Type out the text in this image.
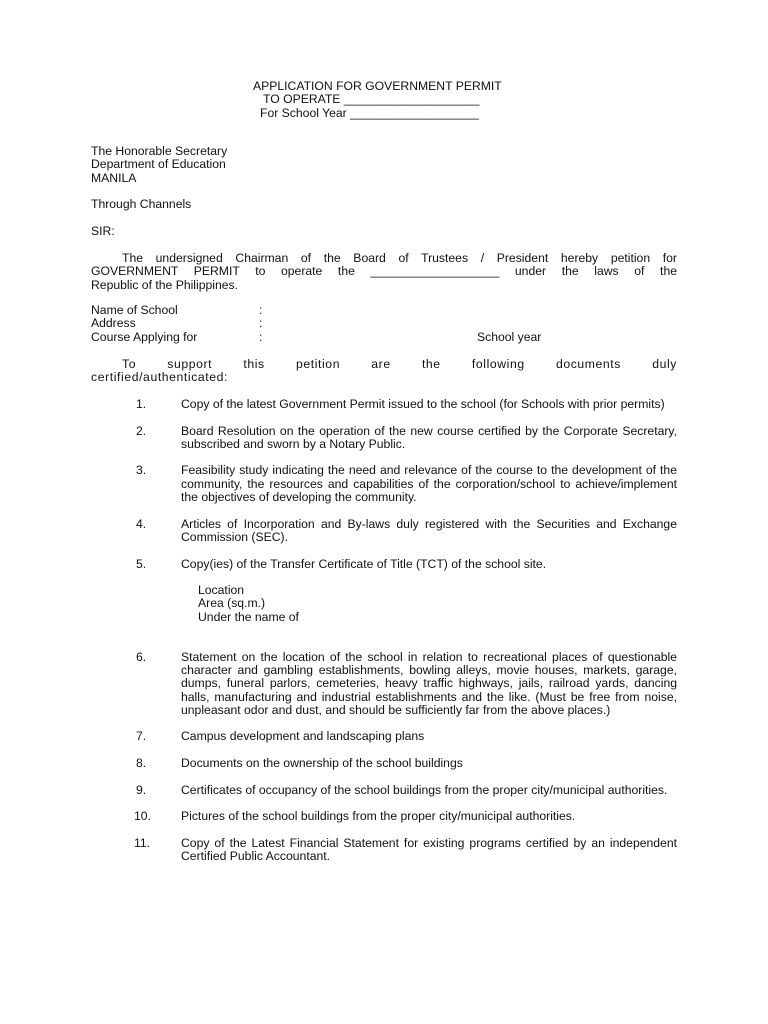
APPLICATION FOR GOVERNMENT PERMIT
TO OPERATE ____________________
For School Year ___________________
The Honorable Secretary
Department of Education
MANILA
Through Channels
SIR:

The undersigned Chairman of the Board of Trustees / President hereby petition for

GOVERNMENT PERMIT to operate the ___________________ under the laws of the

Republic of the Philippines.

Name of School	:
Address	:
Course Applying for	:	School year
To	support	this	petition	are	the	following	documents	duly
certified/authenticated:
1.	Copy of the latest Government Permit issued to the school (for Schools with prior permits)
2.	Board Resolution on the operation of the new course certified by the Corporate Secretary, subscribed and sworn by a Notary Public.
3.	Feasibility study indicating the need and relevance of the course to the development of the community, the resources and capabilities of the corporation/school to achieve/implement the objectives of developing the community.
4.	Articles of Incorporation and By-laws duly registered with the Securities and Exchange Commission (SEC).
5.	Copy(ies) of the Transfer Certificate of Title (TCT) of the school site.
Location
Area (sq.m.)
Under the name of
6.	Statement on the location of the school in relation to recreational places of questionable character and gambling establishments, bowling alleys, movie houses, markets, garage, dumps, funeral parlors, cemeteries, heavy traffic highways, jails, railroad yards, dancing halls, manufacturing and industrial establishments and the like. (Must be free from noise, unpleasant odor and dust, and should be sufficiently far from the above places.)
7.	Campus development and landscaping plans
8.	Documents on the ownership of the school buildings
9.	Certificates of occupancy of the school buildings from the proper city/municipal authorities.
10. Pictures of the school buildings from the proper city/municipal authorities.
11.	Copy of the Latest Financial Statement for existing programs certified by an independent Certified Public Accountant.
